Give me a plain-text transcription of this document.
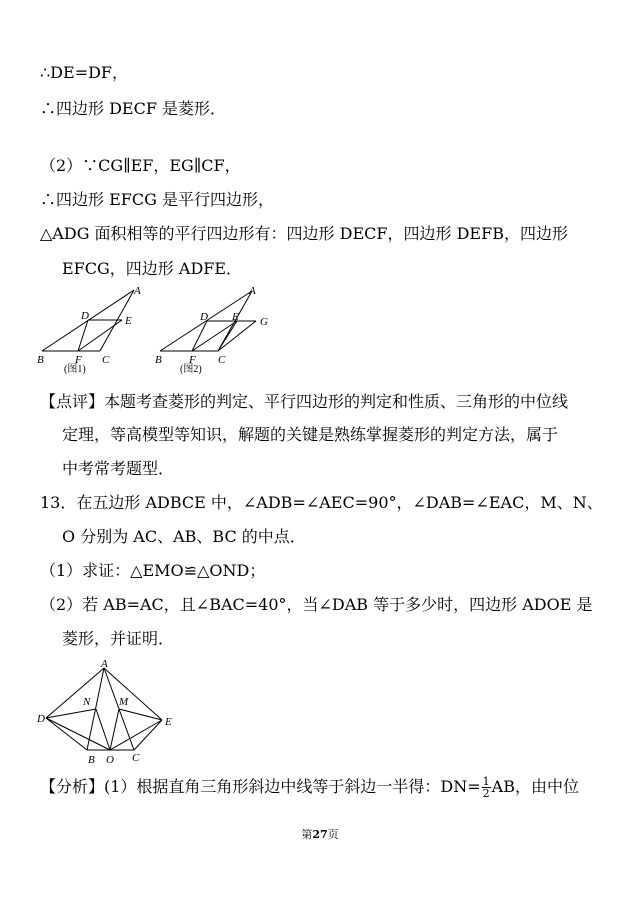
∴DE=DF，
∴四边形 DECF 是菱形．
（2）∵CG∥EF，EG∥CF，
∴四边形 EFCG 是平行四边形，
△ADG 面积相等的平行四边形有：四边形 DECF，四边形 DEFB，四边形
EFCG，四边形 ADFE．
A
D	E
B	F C
(图1)
A
D E G
B F C
(图2)
【点评】本题考查菱形的判定、平行四边形的判定和性质、三角形的中位线
定理，等高模型等知识，解题的关键是熟练掌握菱形的判定方法，属于
中考常考题型．
13．在五边形 ADBCE 中，∠ADB=∠AEC=90°，∠DAB=∠EAC，M、N、
O 分别为 AC、AB、BC 的中点．
（1）求证：△EMO≌△OND；
（2）若 AB=AC，且∠BAC=40°，当∠DAB 等于多少时，四边形 ADOE 是
菱形，并证明．
A
N	M
D	E
B O C
【分析】(1）根据直角三角形斜边中线等于斜边一半得：$DN= \frac{1}{2}$ AB，由中位
第27页
